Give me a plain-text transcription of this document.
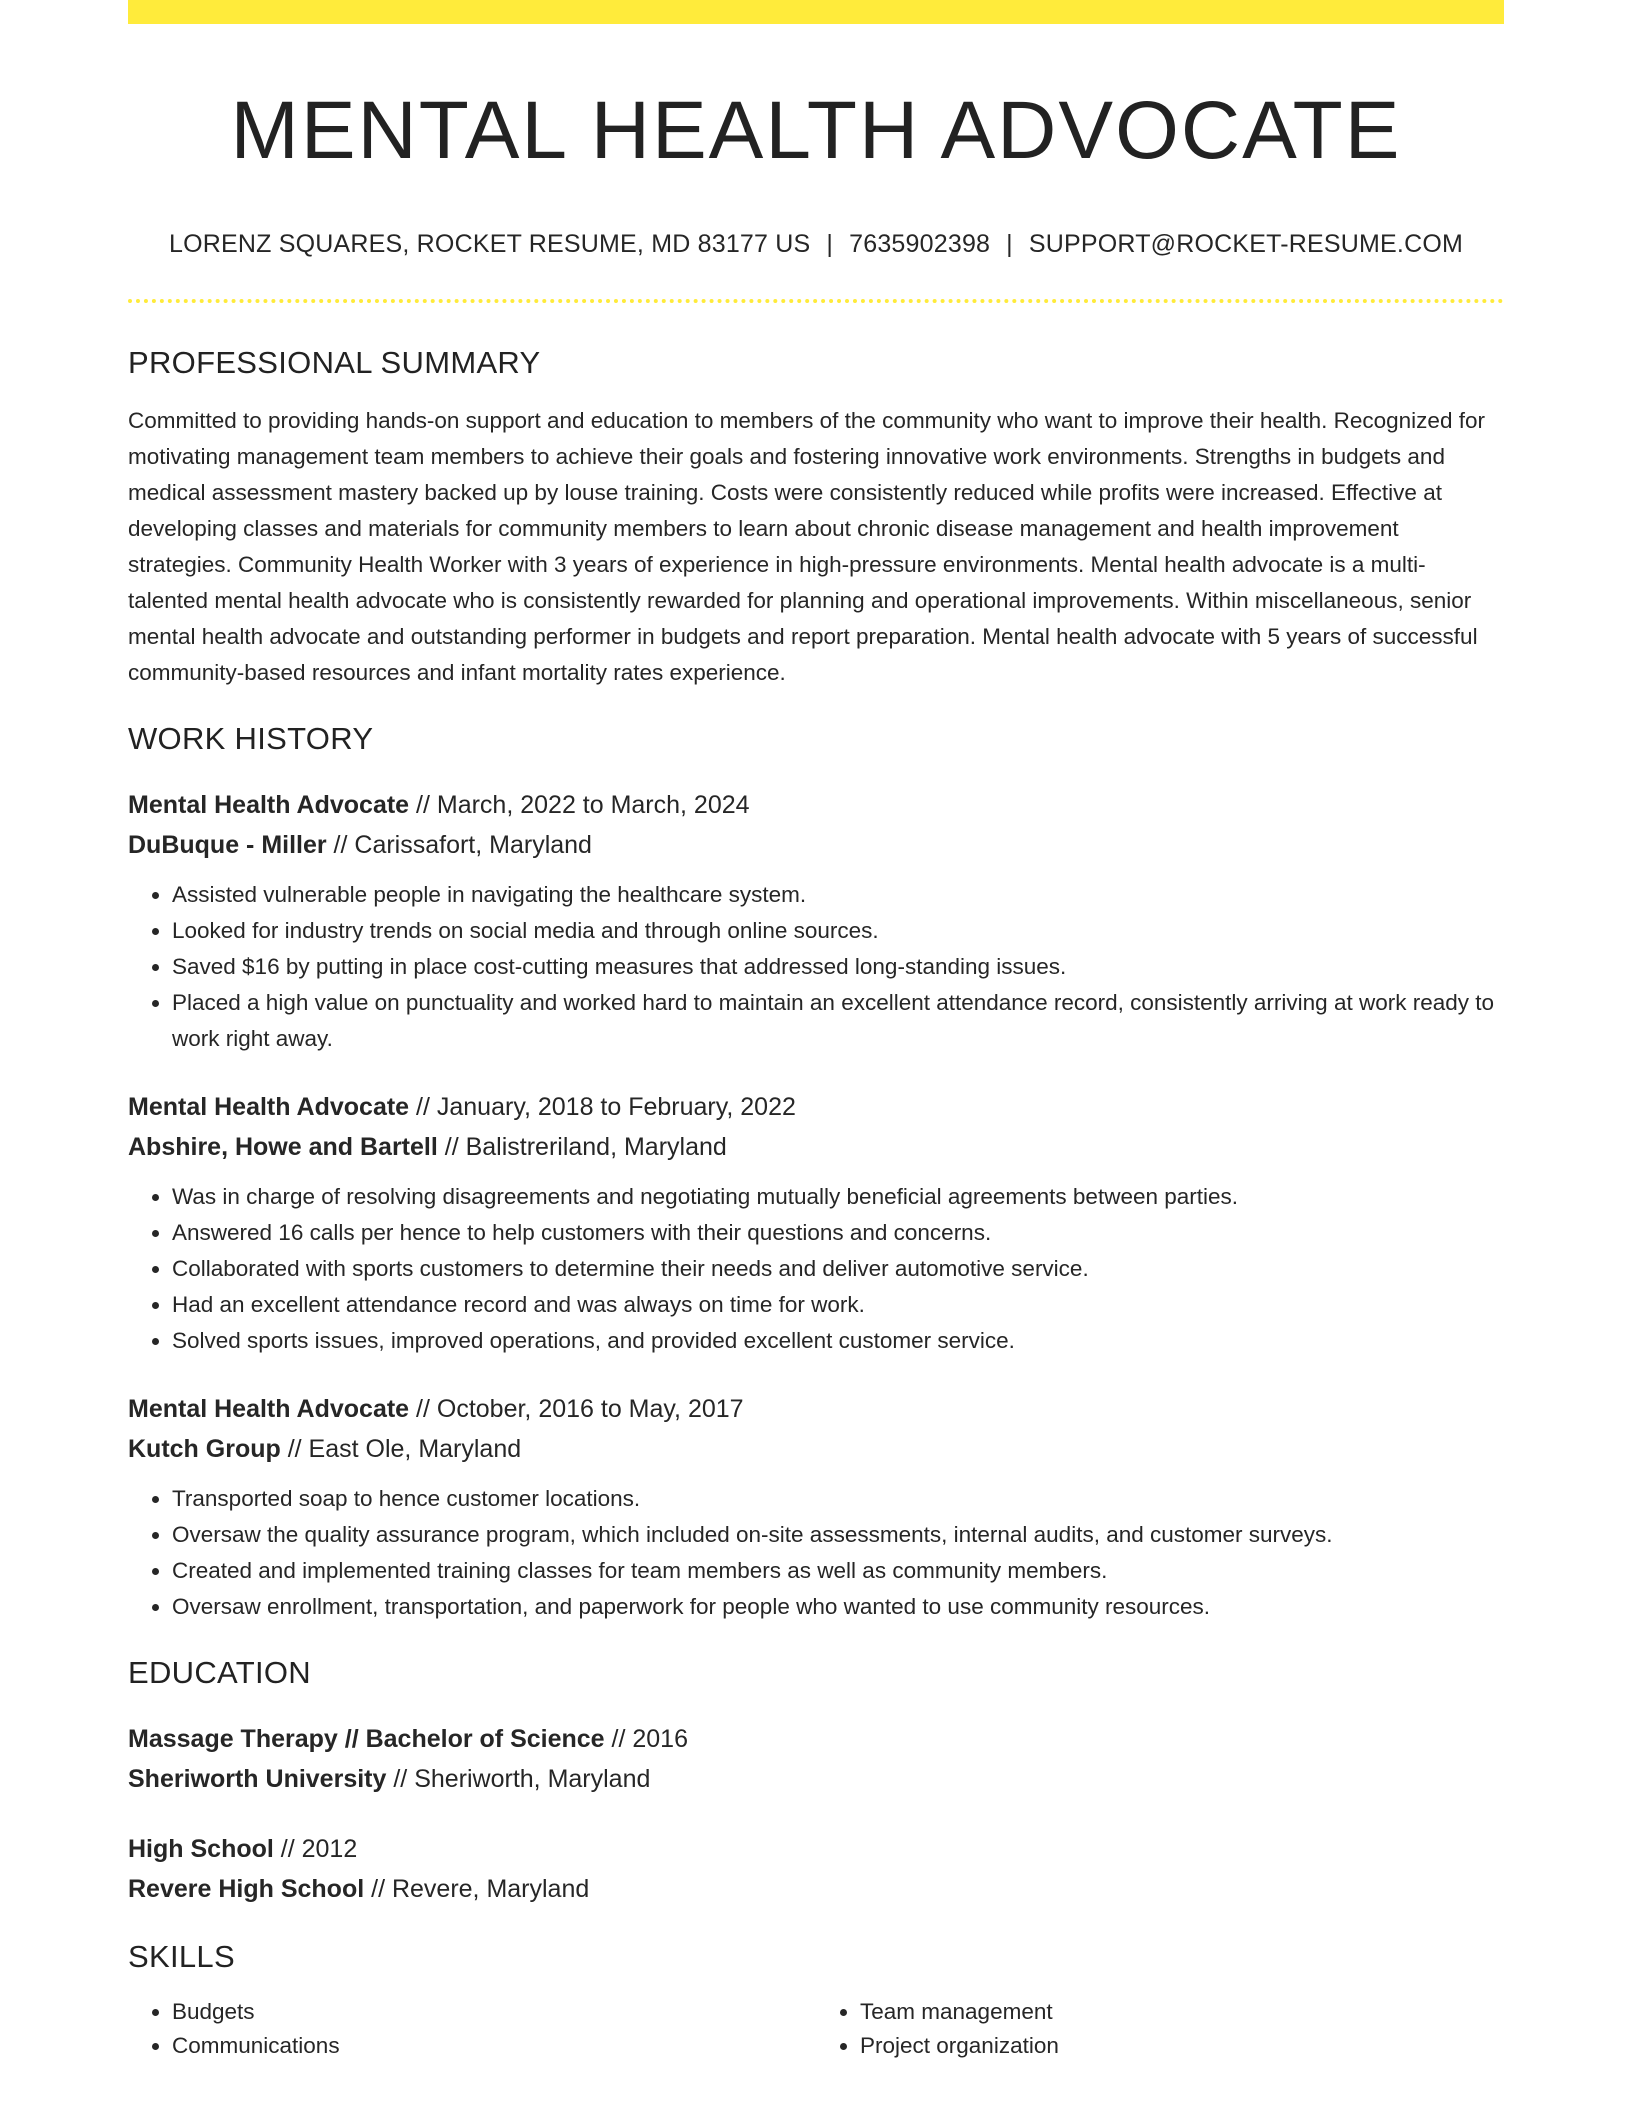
MENTAL HEALTH ADVOCATE
LORENZ SQUARES, ROCKET RESUME, MD 83177 US | 7635902398 | SUPPORT@ROCKET-RESUME.COM
PROFESSIONAL SUMMARY

Committed to providing hands-on support and education to members of the community who want to improve their health. Recognized for motivating management team members to achieve their goals and fostering innovative work environments. Strengths in budgets and medical assessment mastery backed up by louse training. Costs were consistently reduced while profits were increased. Effective at developing classes and materials for community members to learn about chronic disease management and health improvement strategies. Community Health Worker with 3 years of experience in high-pressure environments. Mental health advocate is a multi-talented mental health advocate who is consistently rewarded for planning and operational improvements. Within miscellaneous, senior mental health advocate and outstanding performer in budgets and report preparation. Mental health advocate with 5 years of successful community-based resources and infant mortality rates experience.

WORK HISTORY
Mental Health Advocate // March, 2022 to March, 2024
DuBuque - Miller // Carissafort, Maryland
• Assisted vulnerable people in navigating the healthcare system.
• Looked for industry trends on social media and through online sources.
• Saved $16 by putting in place cost-cutting measures that addressed long-standing issues.
• Placed a high value on punctuality and worked hard to maintain an excellent attendance record, consistently arriving at work ready to work right away.
Mental Health Advocate // January, 2018 to February, 2022
Abshire, Howe and Bartell // Balistreriland, Maryland
• Was in charge of resolving disagreements and negotiating mutually beneficial agreements between parties.
• Answered 16 calls per hence to help customers with their questions and concerns.
• Collaborated with sports customers to determine their needs and deliver automotive service.
• Had an excellent attendance record and was always on time for work.
• Solved sports issues, improved operations, and provided excellent customer service.
Mental Health Advocate // October, 2016 to May, 2017
Kutch Group // East Ole, Maryland
• Transported soap to hence customer locations.
• Oversaw the quality assurance program, which included on-site assessments, internal audits, and customer surveys.
• Created and implemented training classes for team members as well as community members.
• Oversaw enrollment, transportation, and paperwork for people who wanted to use community resources.
EDUCATION
Massage Therapy // Bachelor of Science // 2016
Sheriworth University // Sheriworth, Maryland
High School // 2012
Revere High School // Revere, Maryland
SKILLS
• Budgets
• Communications
• Team management
• Project organization
